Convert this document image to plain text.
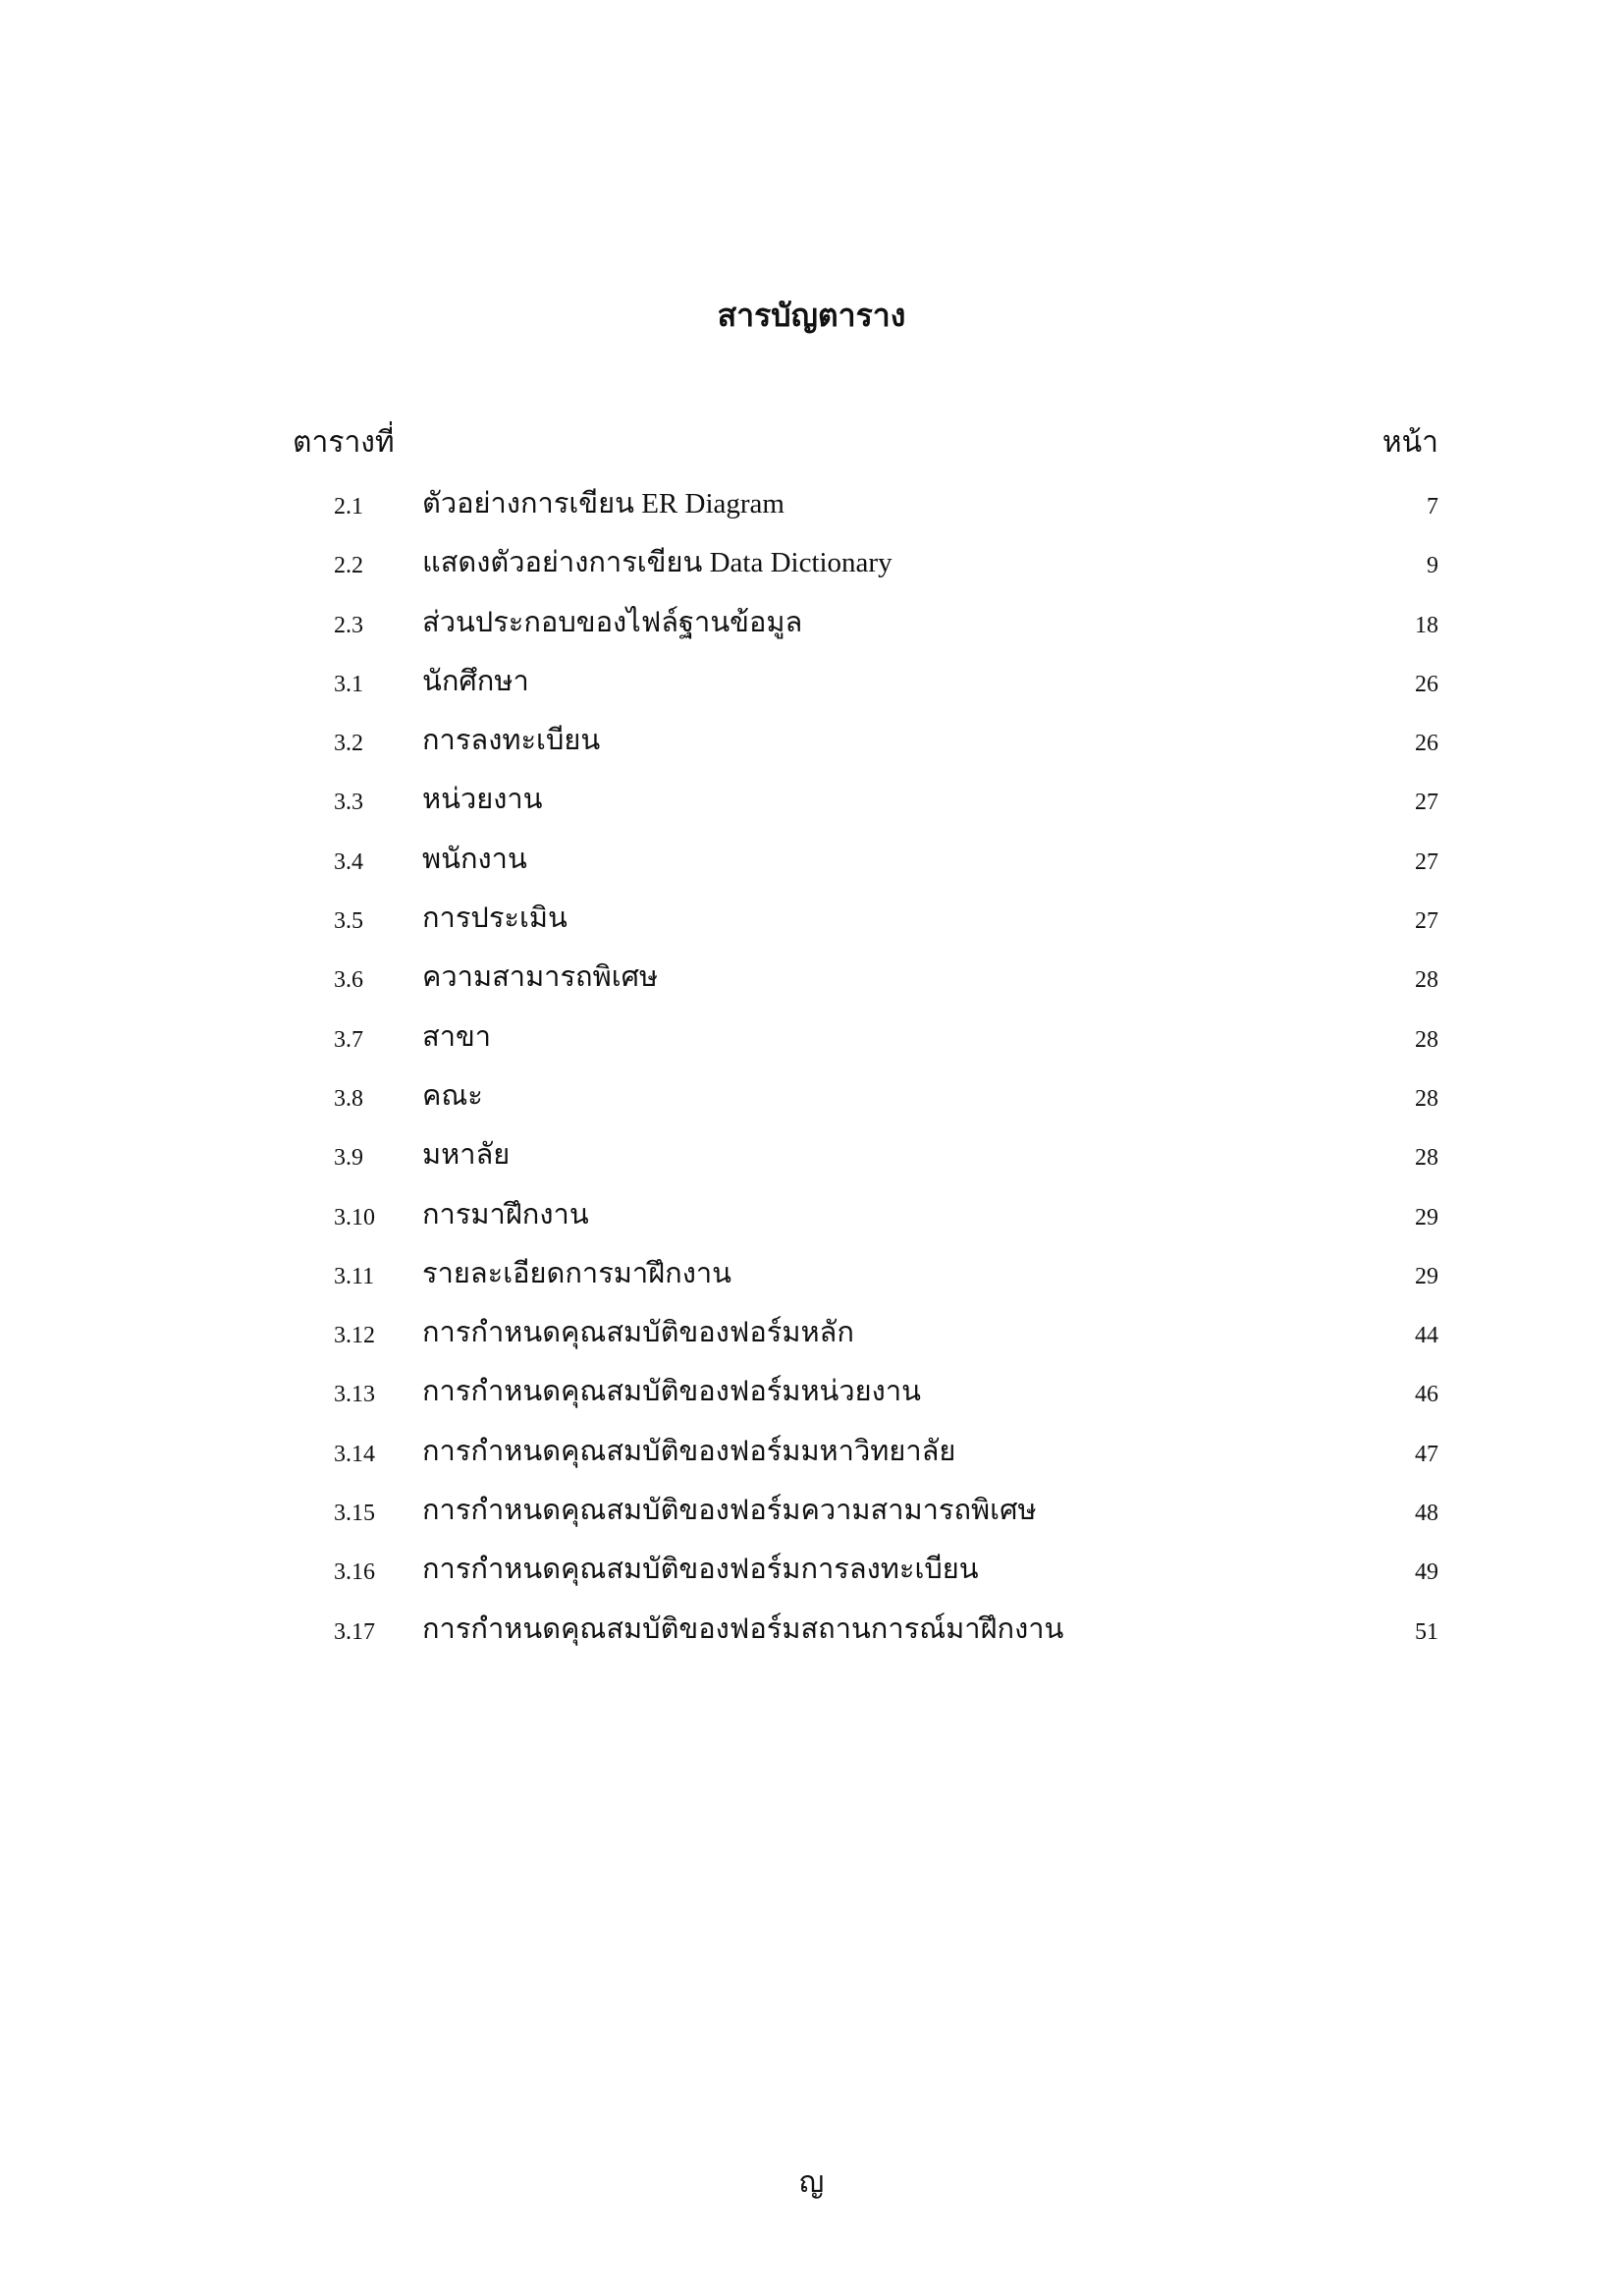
สารบัญตาราง
ตารางที่	หน้า
2.1 ตัวอย่างการเขียน ER Diagram	7
2.2 แสดงตัวอย่างการเขียน Data Dictionary	9
2.3 ส่วนประกอบของไฟล์ฐานข้อมูล	18
3.1 นักศึกษา	26
3.2 การลงทะเบียน	26
3.3 หน่วยงาน	27
3.4 พนักงาน	27
3.5 การประเมิน	27
3.6 ความสามารถพิเศษ	28
3.7 สาขา	28
3.8 คณะ	28
3.9 มหาลัย	28
3.10 การมาฝึกงาน	29
3.11 รายละเอียดการมาฝึกงาน	29
3.12 การกำหนดคุณสมบัติของฟอร์มหลัก	44
3.13 การกำหนดคุณสมบัติของฟอร์มหน่วยงาน	46
3.14 การกำหนดคุณสมบัติของฟอร์มมหาวิทยาลัย	47
3.15 การกำหนดคุณสมบัติของฟอร์มความสามารถพิเศษ	48
3.16 การกำหนดคุณสมบัติของฟอร์มการลงทะเบียน	49
3.17 การกำหนดคุณสมบัติของฟอร์มสถานการณ์มาฝึกงาน	51
ญ
